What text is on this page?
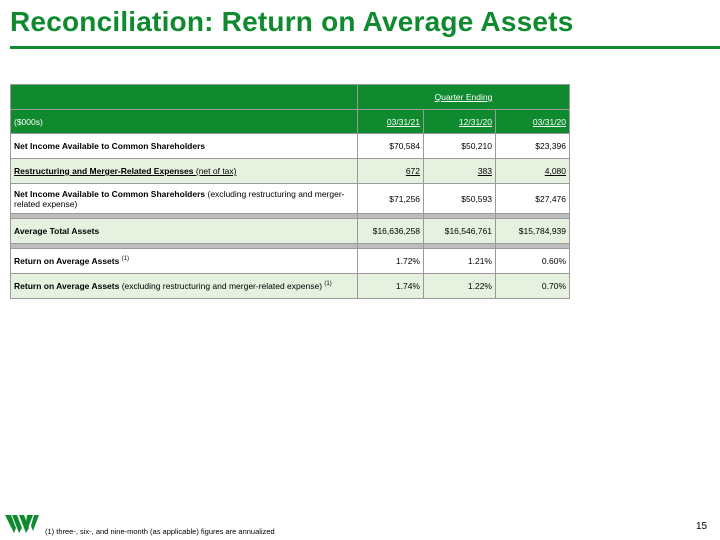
Reconciliation: Return on Average Assets
	Quarter Ending		
($000s)	03/31/21	12/31/20	03/31/20
Net Income Available to Common Shareholders	$70,584	$50,210	$23,396
Restructuring and Merger-Related Expenses (net of tax)	672	383	4,080
Net Income Available to Common Shareholders (excluding restructuring and merger-related expense)	$71,256	$50,593	$27,476

Average Total Assets	$16,636,258	$16,546,761	$15,784,939

Return on Average Assets $^{(1)}$	1.72%	1.21%	0.60%
Return on Average Assets (excluding restructuring and merger-related expense) $^{(1)}$	1.74%	1.22%	0.70%
(1) three-, six-, and nine-month (as applicable) figures are annualized	15
